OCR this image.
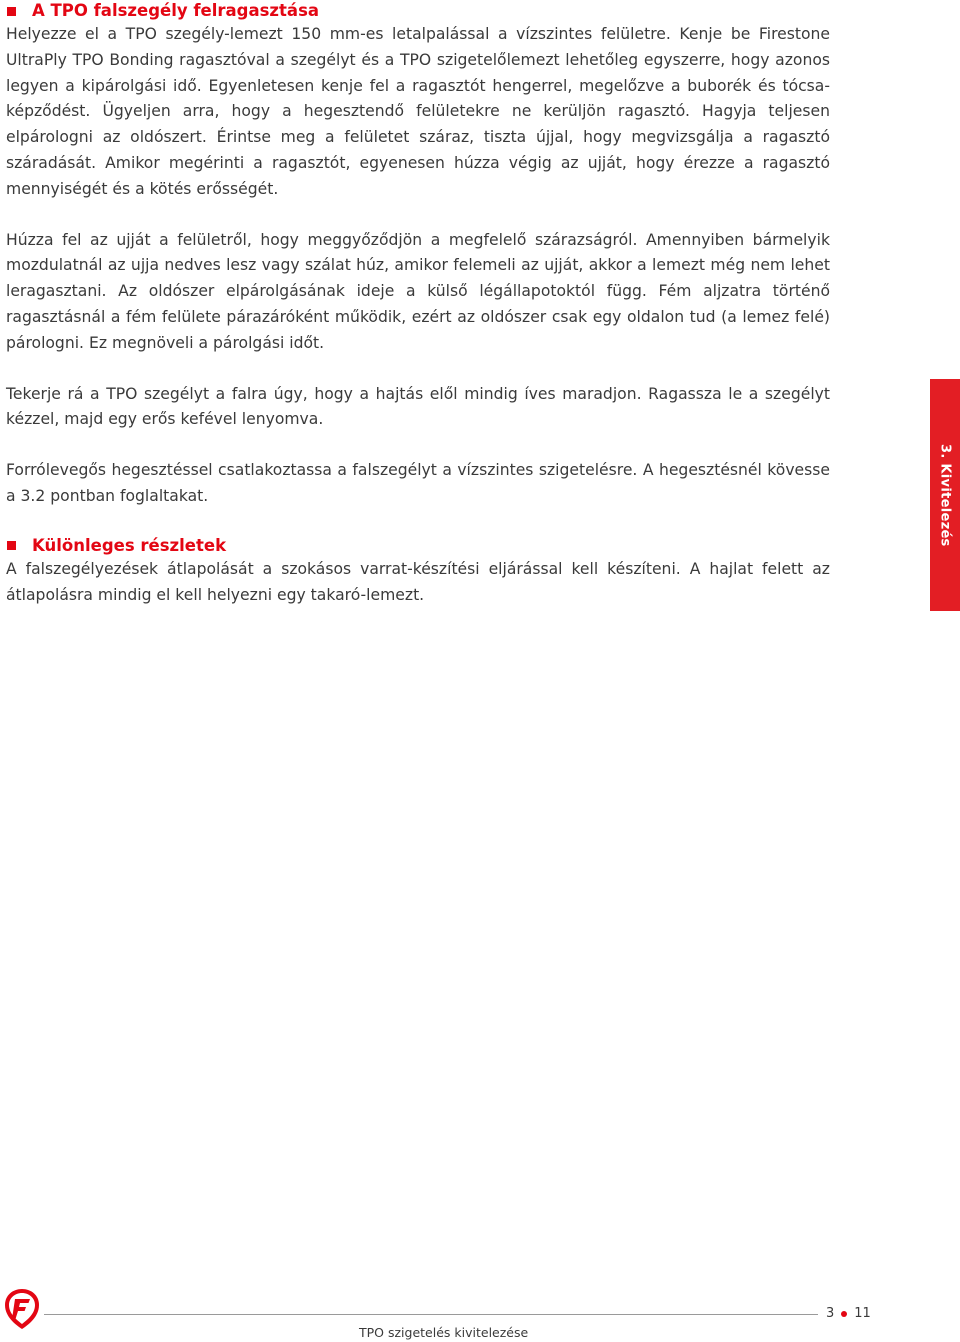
A TPO falszegély felragasztása

Helyezze el a TPO szegély-lemezt 150 mm-es letalpalással a vízszintes felületre. Kenje be Firestone UltraPly TPO Bonding ragasztóval a szegélyt és a TPO szigetelőlemezt lehetőleg egyszerre, hogy azonos legyen a kipárolgási idő. Egyenletesen kenje fel a ragasztót hengerrel, megelőzve a buborék és tócsa-képződést. Ügyeljen arra, hogy a hegesztendő felületekre ne kerüljön ragasztó. Hagyja teljesen elpárologni az oldószert. Érintse meg a felületet száraz, tiszta újjal, hogy megvizsgálja a ragasztó száradását. Amikor megérinti a ragasztót, egyenesen húzza végig az ujját, hogy érezze a ragasztó mennyiségét és a kötés erősségét.

Húzza fel az ujját a felületről, hogy meggyőződjön a megfelelő szárazságról. Amennyiben bármelyik mozdulatnál az ujja nedves lesz vagy szálat húz, amikor felemeli az ujját, akkor a lemezt még nem lehet leragasztani. Az oldószer elpárolgásának ideje a külső légállapotoktól függ. Fém aljzatra történő ragasztásnál a fém felülete párazáróként működik, ezért az oldószer csak egy oldalon tud (a lemez felé) párologni. Ez megnöveli a párolgási időt.

Tekerje rá a TPO szegélyt a falra úgy, hogy a hajtás elől mindig íves maradjon. Ragassza le a szegélyt kézzel, majd egy erős kefével lenyomva.

Forrólevegős hegesztéssel csatlakoztassa a falszegélyt a vízszintes szigetelésre. A hegesztésnél kövesse a 3.2 pontban foglaltakat.

Különleges részletek

A falszegélyezések átlapolását a szokásos varrat-készítési eljárással kell készíteni. A hajlat felett az átlapolásra mindig el kell helyezni egy takaró-lemezt.

3. Kivitelezés
3 11
TPO szigetelés kivitelezése
